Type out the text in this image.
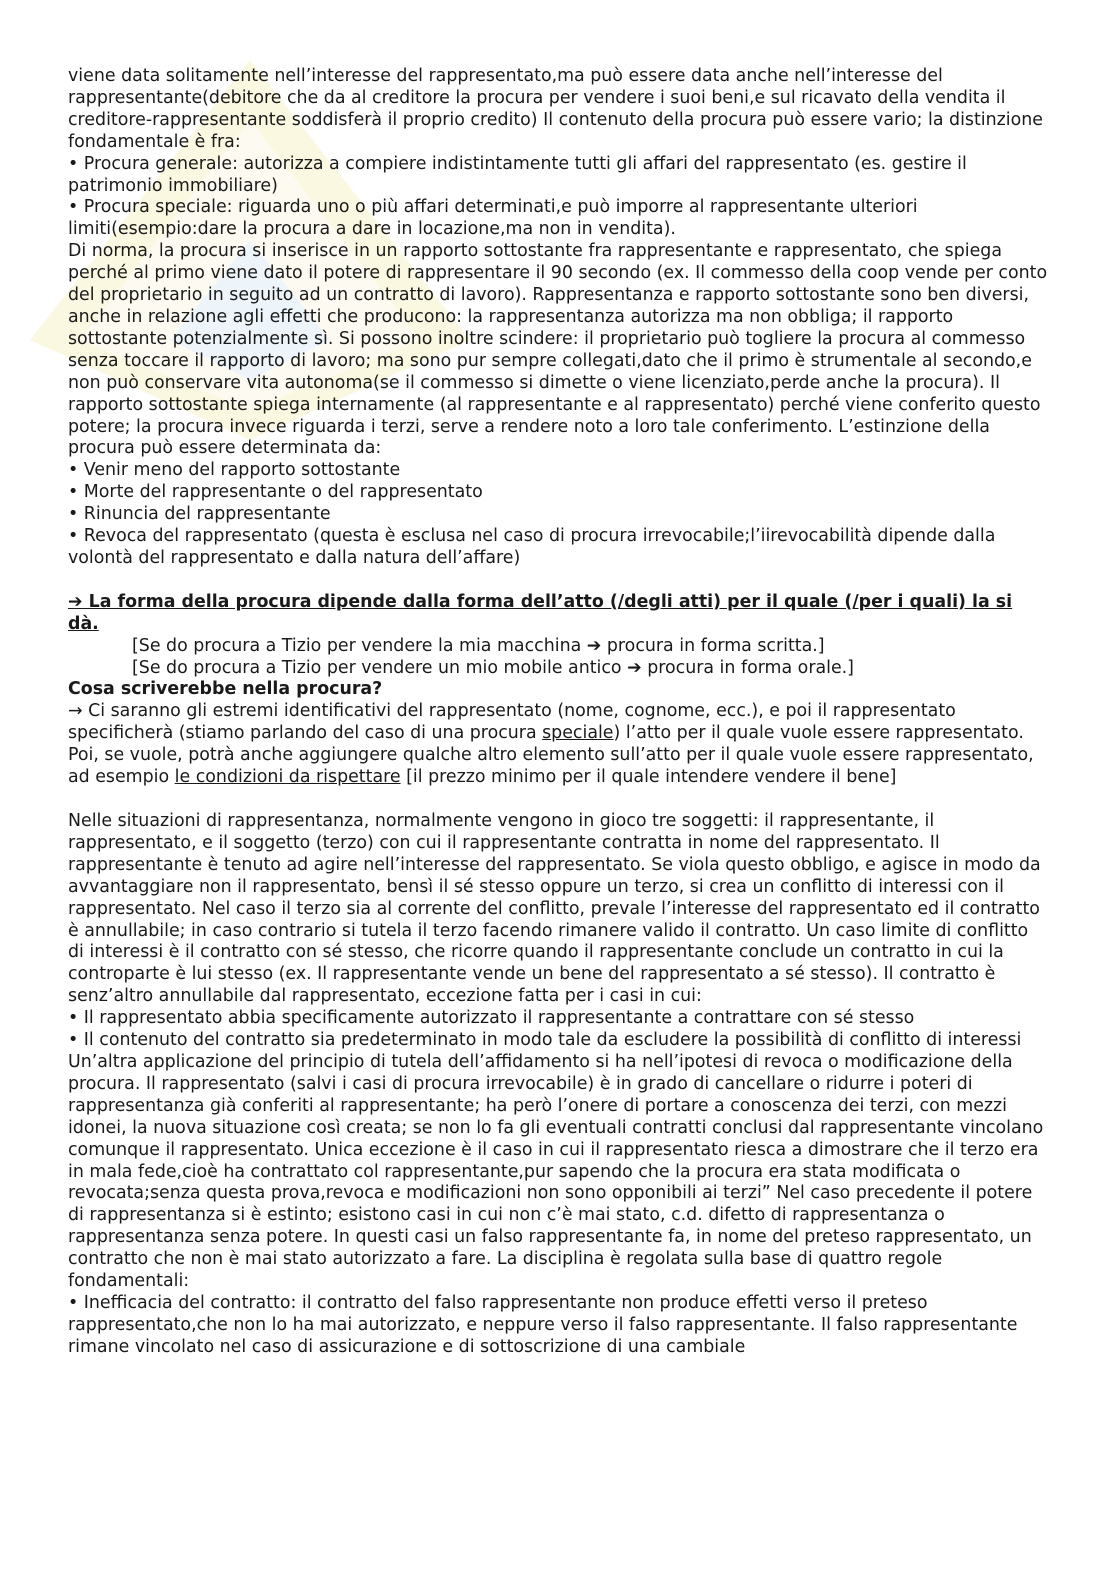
viene data solitamente nell’interesse del rappresentato,ma può essere data anche nell’interesse del rappresentante(debitore che da al creditore la procura per vendere i suoi beni,e sul ricavato della vendita il creditore-rappresentante soddisferà il proprio credito) Il contenuto della procura può essere vario; la distinzione fondamentale è fra:

• Procura generale: autorizza a compiere indistintamente tutti gli affari del rappresentato (es. gestire il patrimonio immobiliare)

• Procura speciale: riguarda uno o più affari determinati,e può imporre al rappresentante ulteriori limiti(esempio:dare la procura a dare in locazione,ma non in vendita).

Di norma, la procura si inserisce in un rapporto sottostante fra rappresentante e rappresentato, che spiega perché al primo viene dato il potere di rappresentare il 90 secondo (ex. Il commesso della coop vende per conto del proprietario in seguito ad un contratto di lavoro). Rappresentanza e rapporto sottostante sono ben diversi, anche in relazione agli effetti che producono: la rappresentanza autorizza ma non obbliga; il rapporto sottostante potenzialmente sì. Si possono inoltre scindere: il proprietario può togliere la procura al commesso senza toccare il rapporto di lavoro; ma sono pur sempre collegati,dato che il primo è strumentale al secondo,e non può conservare vita autonoma(se il commesso si dimette o viene licenziato,perde anche la procura). Il rapporto sottostante spiega internamente (al rappresentante e al rappresentato) perché viene conferito questo potere; la procura invece riguarda i terzi, serve a rendere noto a loro tale conferimento. L’estinzione della procura può essere determinata da:

• Venir meno del rapporto sottostante

• Morte del rappresentante o del rappresentato

• Rinuncia del rappresentante

• Revoca del rappresentato (questa è esclusa nel caso di procura irrevocabile;l’iirevocabilità dipende dalla volontà del rappresentato e dalla natura dell’affare)

➔ La forma della procura dipende dalla forma dell’atto (/degli atti) per il quale (/per i quali) la si dà.

[Se do procura a Tizio per vendere la mia macchina ➔ procura in forma scritta.]

[Se do procura a Tizio per vendere un mio mobile antico ➔ procura in forma orale.]

Cosa scriverebbe nella procura?

→ Ci saranno gli estremi identificativi del rappresentato (nome, cognome, ecc.), e poi il rappresentato specificherà (stiamo parlando del caso di una procura speciale) l’atto per il quale vuole essere rappresentato.

Poi, se vuole, potrà anche aggiungere qualche altro elemento sull’atto per il quale vuole essere rappresentato, ad esempio le condizioni da rispettare [il prezzo minimo per il quale intendere vendere il bene]

Nelle situazioni di rappresentanza, normalmente vengono in gioco tre soggetti: il rappresentante, il rappresentato, e il soggetto (terzo) con cui il rappresentante contratta in nome del rappresentato. Il rappresentante è tenuto ad agire nell’interesse del rappresentato. Se viola questo obbligo, e agisce in modo da avvantaggiare non il rappresentato, bensì il sé stesso oppure un terzo, si crea un conflitto di interessi con il rappresentato. Nel caso il terzo sia al corrente del conflitto, prevale l’interesse del rappresentato ed il contratto è annullabile; in caso contrario si tutela il terzo facendo rimanere valido il contratto. Un caso limite di conflitto di interessi è il contratto con sé stesso, che ricorre quando il rappresentante conclude un contratto in cui la controparte è lui stesso (ex. Il rappresentante vende un bene del rappresentato a sé stesso). Il contratto è senz’altro annullabile dal rappresentato, eccezione fatta per i casi in cui:

• Il rappresentato abbia specificamente autorizzato il rappresentante a contrattare con sé stesso

• Il contenuto del contratto sia predeterminato in modo tale da escludere la possibilità di conflitto di interessi

Un’altra applicazione del principio di tutela dell’affidamento si ha nell’ipotesi di revoca o modificazione della procura. Il rappresentato (salvi i casi di procura irrevocabile) è in grado di cancellare o ridurre i poteri di rappresentanza già conferiti al rappresentante; ha però l’onere di portare a conoscenza dei terzi, con mezzi idonei, la nuova situazione così creata; se non lo fa gli eventuali contratti conclusi dal rappresentante vincolano comunque il rappresentato. Unica eccezione è il caso in cui il rappresentato riesca a dimostrare che il terzo era in mala fede,cioè ha contrattato col rappresentante,pur sapendo che la procura era stata modificata o revocata;senza questa prova,revoca e modificazioni non sono opponibili ai terzi” Nel caso precedente il potere di rappresentanza si è estinto; esistono casi in cui non c’è mai stato, c.d. difetto di rappresentanza o rappresentanza senza potere. In questi casi un falso rappresentante fa, in nome del preteso rappresentato, un contratto che non è mai stato autorizzato a fare. La disciplina è regolata sulla base di quattro regole fondamentali:

• Inefficacia del contratto: il contratto del falso rappresentante non produce effetti verso il preteso rappresentato,che non lo ha mai autorizzato, e neppure verso il falso rappresentante. Il falso rappresentante

rimane vincolato nel caso di assicurazione e di sottoscrizione di una cambiale
